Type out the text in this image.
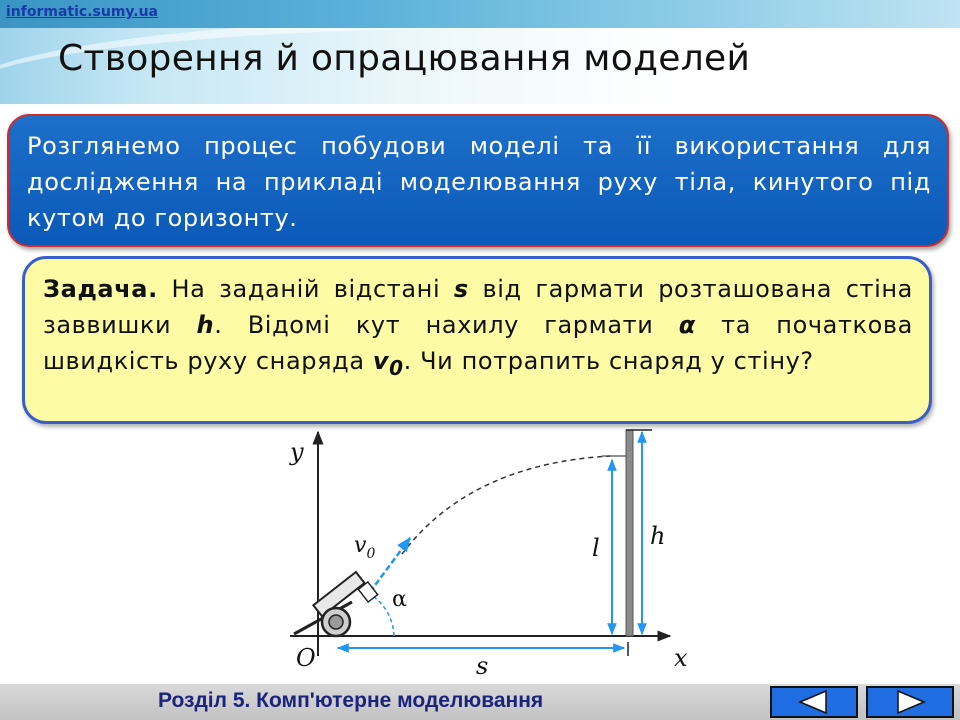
informatic.sumy.ua
Створення й опрацювання моделей
Розглянемо процес побудови моделі та її використання для дослідження на прикладі моделювання руху тіла, кинутого під кутом до горизонту.
Задача. На заданій відстані s від гармати розташована стіна заввишки h. Відомі кут нахилу гармати α та початкова швидкість руху снаряда $v_0$. Чи потрапить снаряд у стіну?
y
x
O
$v_0$
α
l h
s
Розділ 5. Комп'ютерне моделювання
